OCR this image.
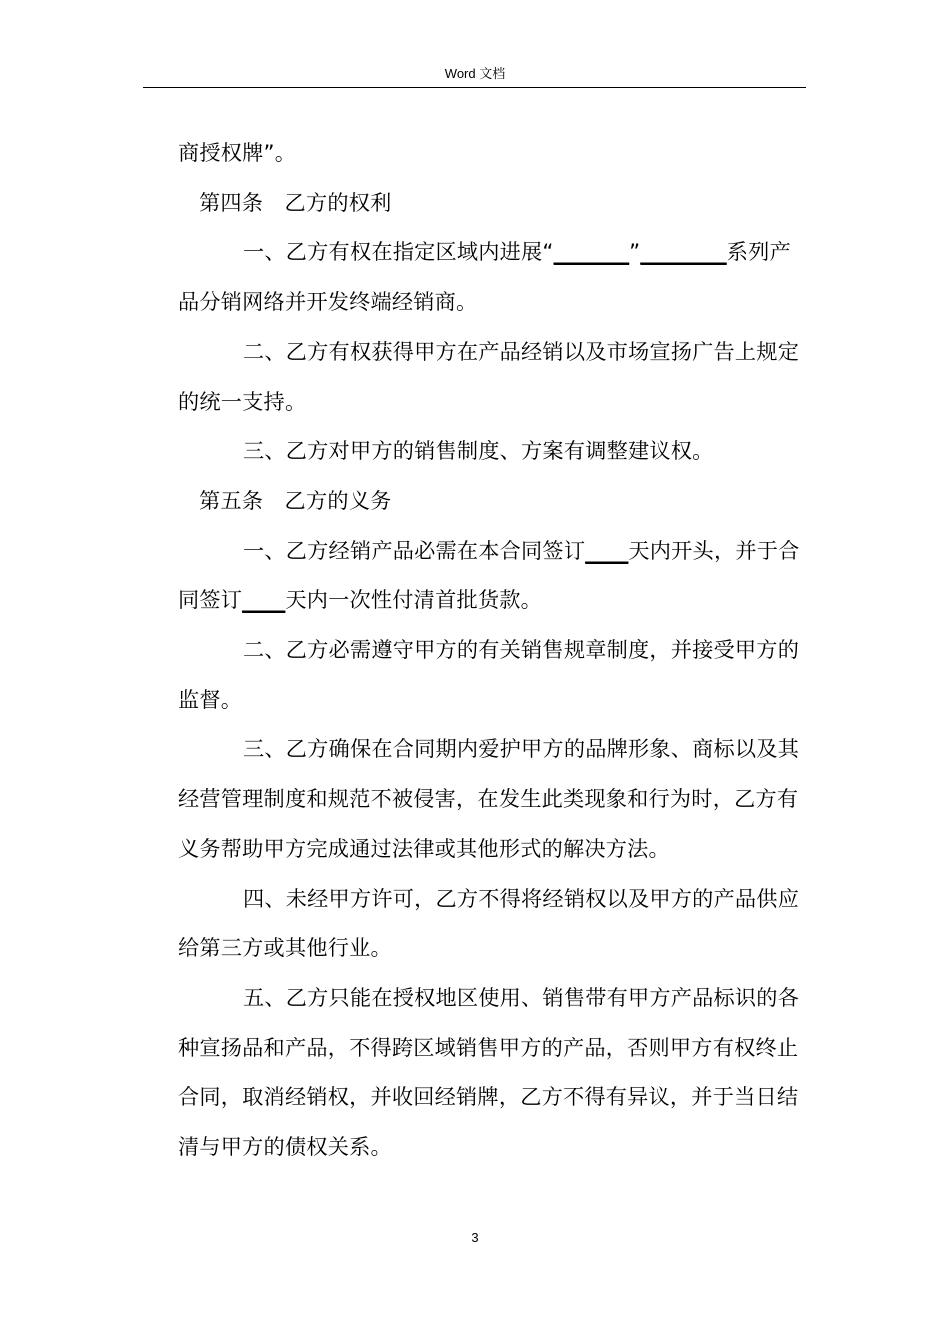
Word 文档

商授权牌”。

第四条　乙方的权利

一、乙方有权在指定区域内进展“_______”________系列产品分销网络并开发终端经销商。

二、乙方有权获得甲方在产品经销以及市场宣扬广告上规定的统一支持。

三、乙方对甲方的销售制度、方案有调整建议权。

第五条　乙方的义务

一、乙方经销产品必需在本合同签订____天内开头，并于合同签订____天内一次性付清首批货款。

二、乙方必需遵守甲方的有关销售规章制度，并接受甲方的监督。

三、乙方确保在合同期内爱护甲方的品牌形象、商标以及其经营管理制度和规范不被侵害，在发生此类现象和行为时，乙方有义务帮助甲方完成通过法律或其他形式的解决方法。

四、未经甲方许可，乙方不得将经销权以及甲方的产品供应给第三方或其他行业。

五、乙方只能在授权地区使用、销售带有甲方产品标识的各种宣扬品和产品，不得跨区域销售甲方的产品，否则甲方有权终止合同，取消经销权，并收回经销牌，乙方不得有异议，并于当日结清与甲方的债权关系。

3
